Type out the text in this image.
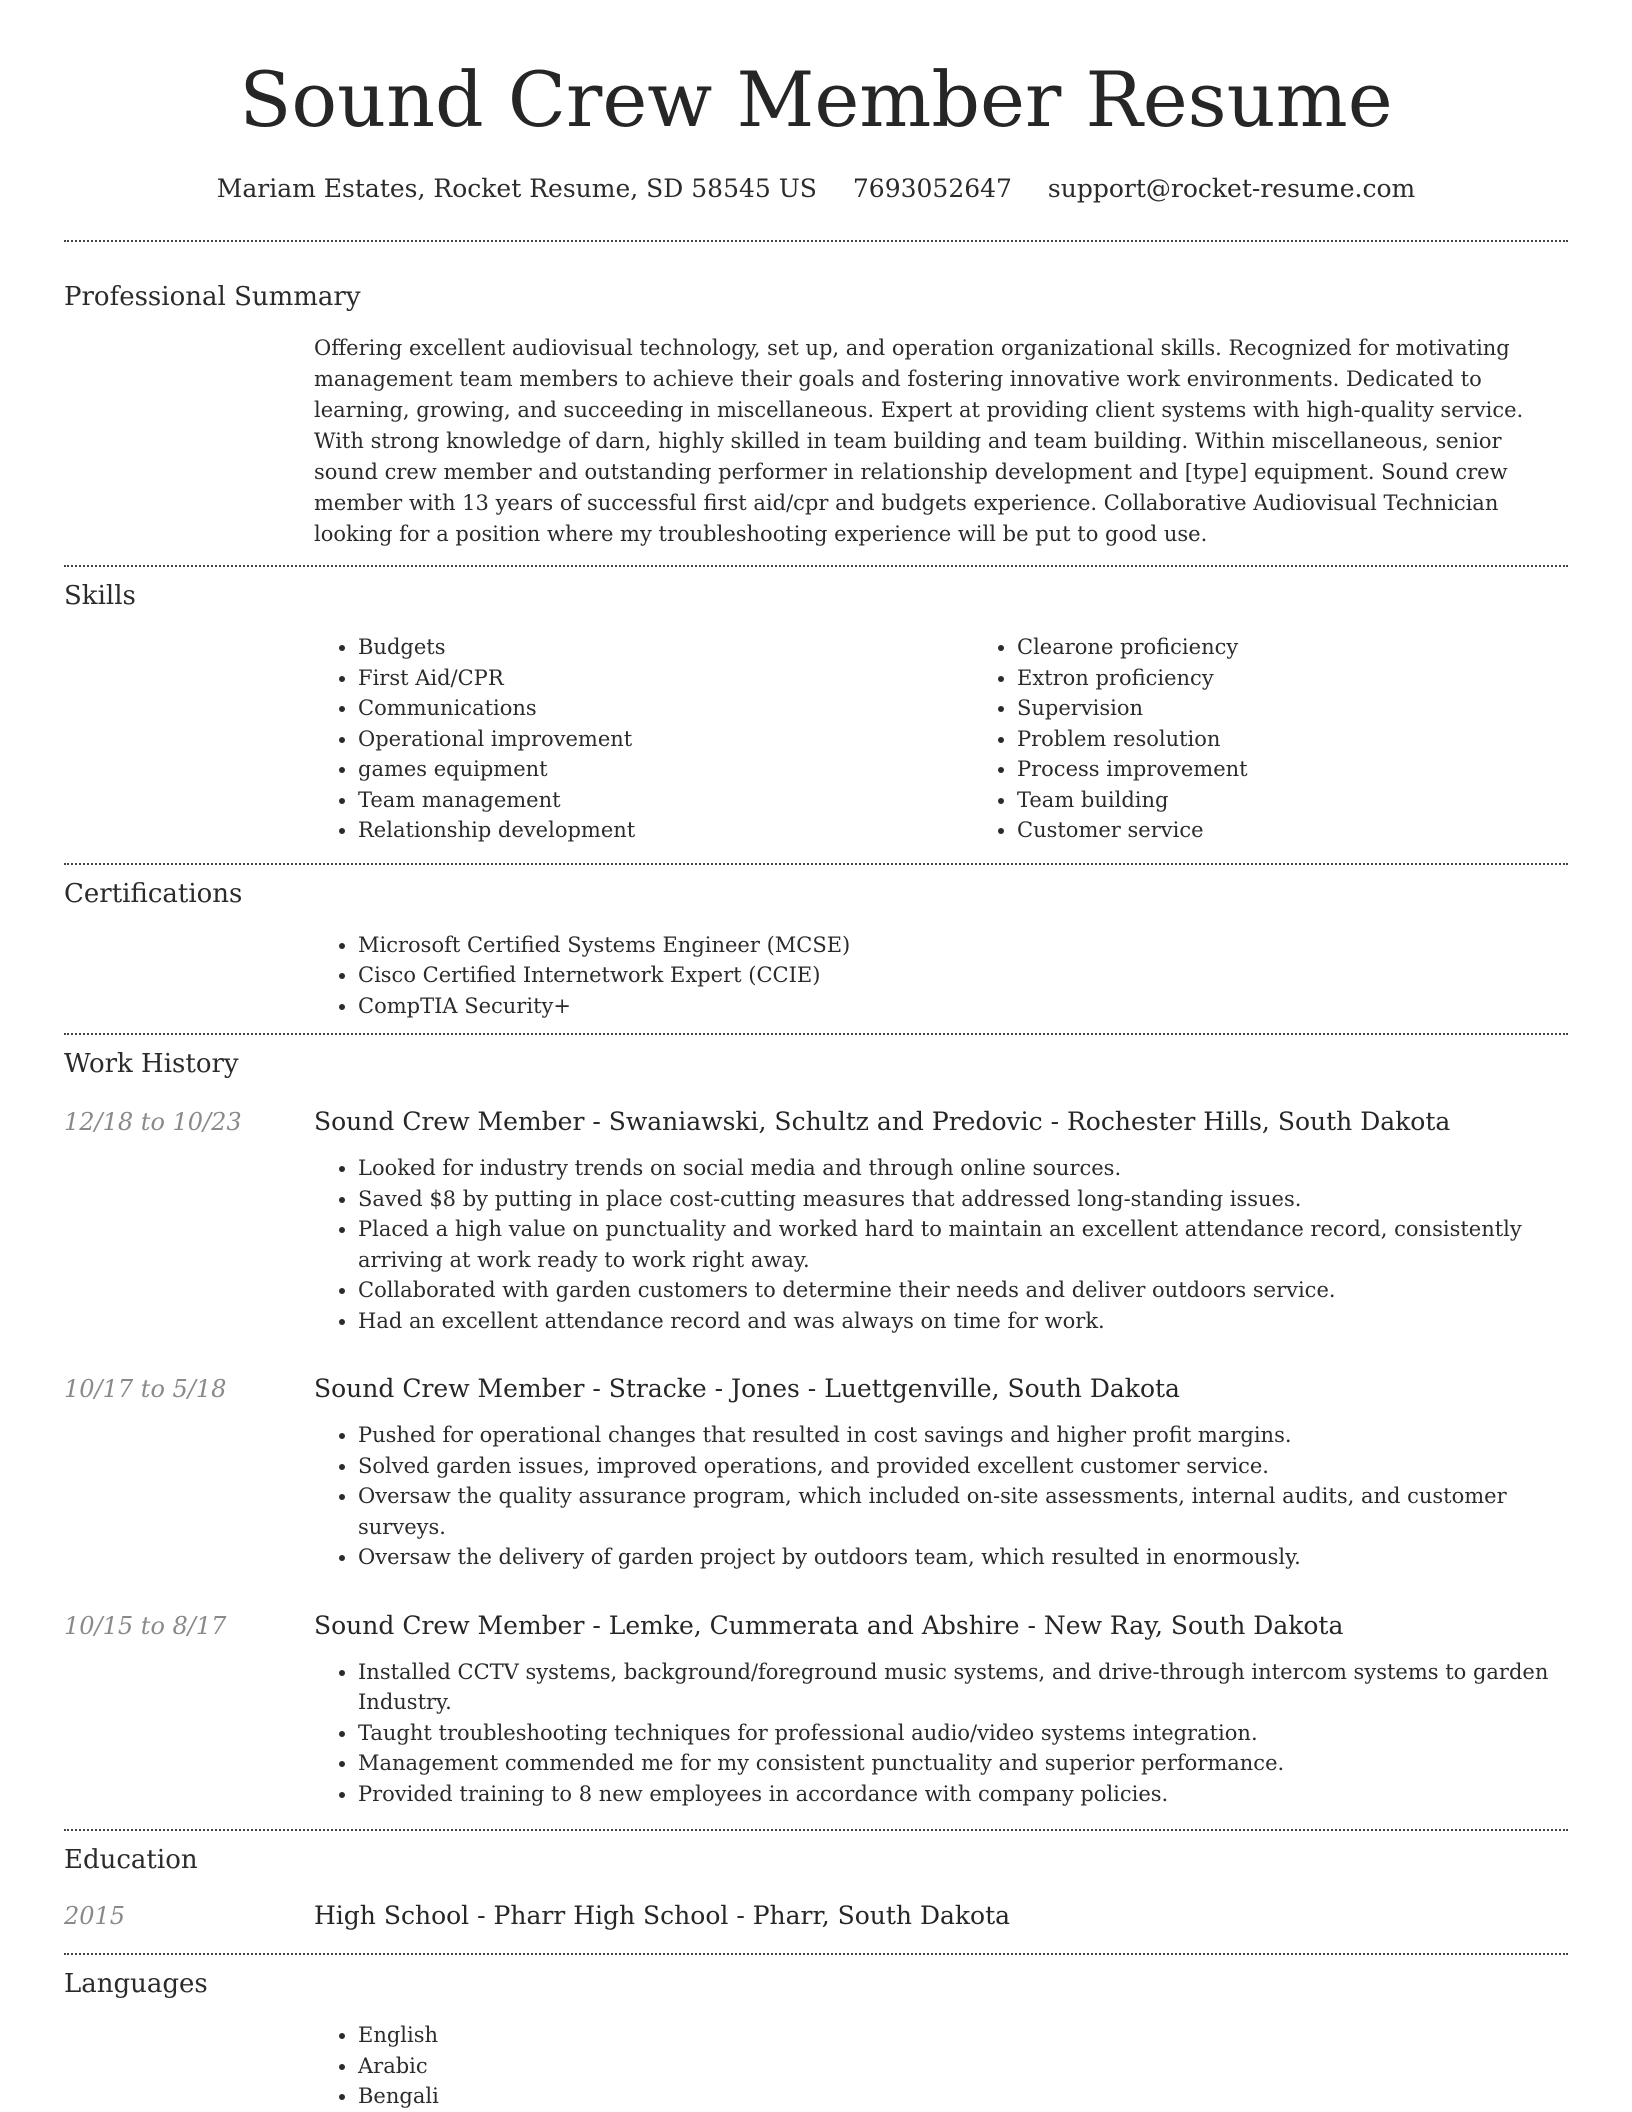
Sound Crew Member Resume
Mariam Estates, Rocket Resume, SD 58545 US 7693052647 support@rocket-resume.com
Professional Summary
Offering excellent audiovisual technology, set up, and operation organizational skills. Recognized for motivating management team members to achieve their goals and fostering innovative work environments. Dedicated to learning, growing, and succeeding in miscellaneous. Expert at providing client systems with high-quality service. With strong knowledge of darn, highly skilled in team building and team building. Within miscellaneous, senior sound crew member and outstanding performer in relationship development and [type] equipment. Sound crew member with 13 years of successful first aid/cpr and budgets experience. Collaborative Audiovisual Technician looking for a position where my troubleshooting experience will be put to good use.
Skills
• Budgets
• First Aid/CPR
• Communications
• Operational improvement
• games equipment
• Team management
• Relationship development
• Clearone proficiency
• Extron proficiency
• Supervision
• Problem resolution
• Process improvement
• Team building
• Customer service
Certifications
• Microsoft Certified Systems Engineer (MCSE)
• Cisco Certified Internetwork Expert (CCIE)
• CompTIA Security+
Work History
12/18 to 10/23	Sound Crew Member - Swaniawski, Schultz and Predovic - Rochester Hills, South Dakota
• Looked for industry trends on social media and through online sources.
• Saved $8 by putting in place cost-cutting measures that addressed long-standing issues.
• Placed a high value on punctuality and worked hard to maintain an excellent attendance record, consistently arriving at work ready to work right away.
• Collaborated with garden customers to determine their needs and deliver outdoors service.
• Had an excellent attendance record and was always on time for work.
10/17 to 5/18	Sound Crew Member - Stracke - Jones - Luettgenville, South Dakota
• Pushed for operational changes that resulted in cost savings and higher profit margins.
• Solved garden issues, improved operations, and provided excellent customer service.
• Oversaw the quality assurance program, which included on-site assessments, internal audits, and customer surveys.
• Oversaw the delivery of garden project by outdoors team, which resulted in enormously.
10/15 to 8/17	Sound Crew Member - Lemke, Cummerata and Abshire - New Ray, South Dakota
• Installed CCTV systems, background/foreground music systems, and drive-through intercom systems to garden Industry.
• Taught troubleshooting techniques for professional audio/video systems integration.
• Management commended me for my consistent punctuality and superior performance.
• Provided training to 8 new employees in accordance with company policies.
Education
2015	High School - Pharr High School - Pharr, South Dakota
Languages
• English
• Arabic
• Bengali
